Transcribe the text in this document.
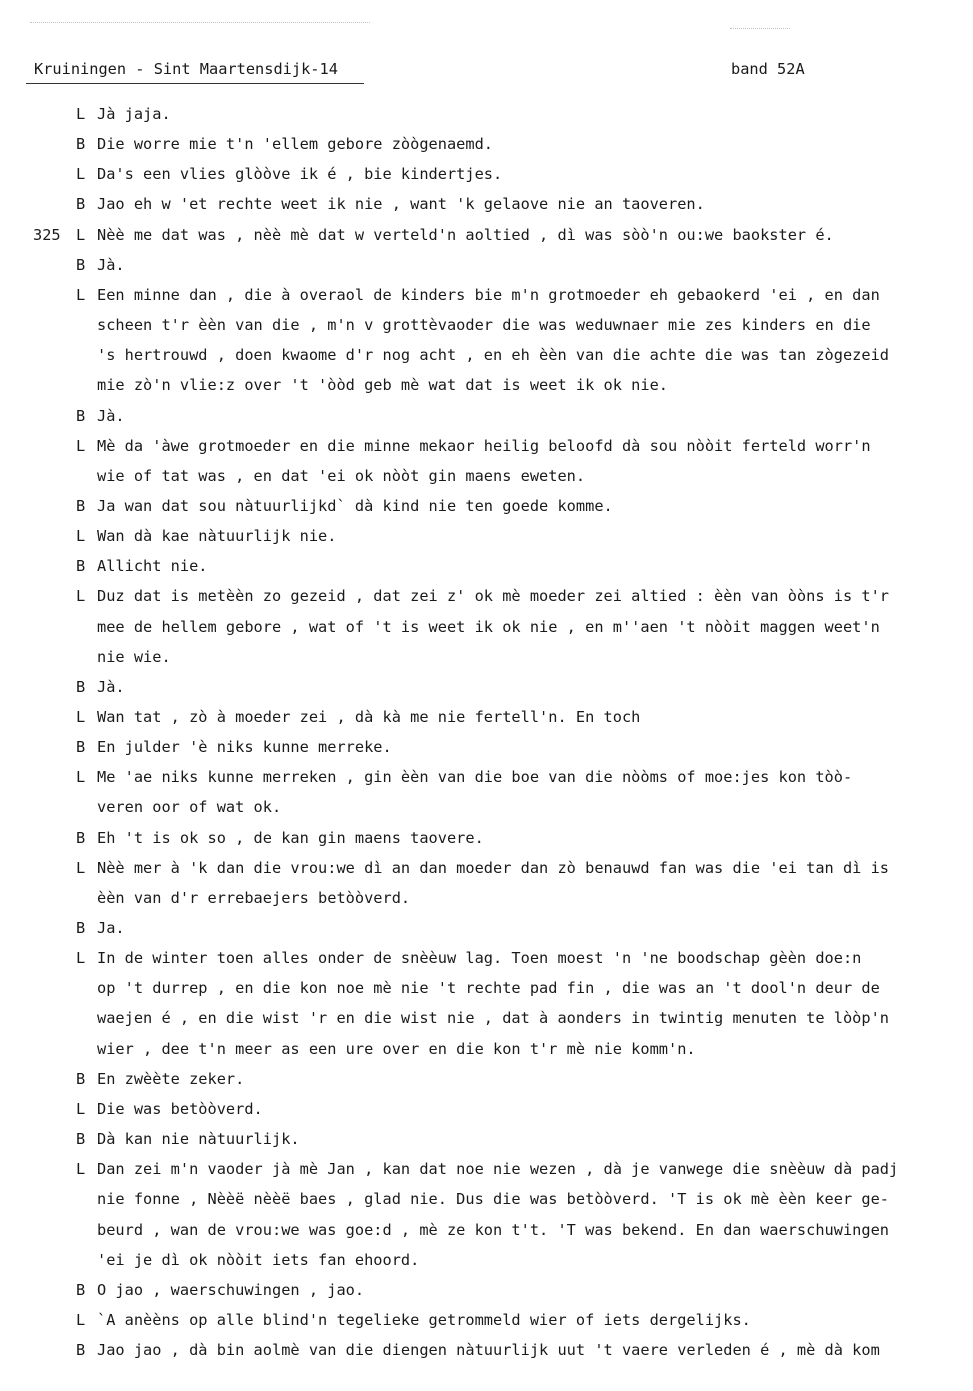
Kruiningen - Sint Maartensdijk-14	band 52A
L Jà jaja.
B Die worre mie t'n 'ellem gebore zòògenaemd.
L Da's een vlies glòòve ik é , bie kindertjes.
B Jao eh w 'et rechte weet ik nie , want 'k gelaove nie an taoveren.
325 L Nèè me dat was , nèè mè dat w verteld'n aoltied , dì was sòò'n ou:we baokster é.
B Jà.
L Een minne dan , die à overaol de kinders bie m'n grotmoeder eh gebaokerd 'ei , en dan
scheen t'r èèn van die , m'n v grottèvaoder die was weduwnaer mie zes kinders en die
's hertrouwd , doen kwaome d'r nog acht , en eh èèn van die achte die was tan zògezeid
mie zò'n vlie:z over 't 'òòd geb mè wat dat is weet ik ok nie.
B Jà.
L Mè da 'àwe grotmoeder en die minne mekaor heilig beloofd dà sou nòòit ferteld worr'n
wie of tat was , en dat 'ei ok nòòt gin maens eweten.
B Ja wan dat sou nàtuurlijkd` dà kind nie ten goede komme.
L Wan dà kae nàtuurlijk nie.
B Allicht nie.
L Duz dat is metèèn zo gezeid , dat zei z' ok mè moeder zei altied : èèn van òòns is t'r
mee de hellem gebore , wat of 't is weet ik ok nie , en m''aen 't nòòit maggen weet'n
nie wie.
B Jà.
L Wan tat , zò à moeder zei , dà kà me nie fertell'n. En toch
B En julder 'è niks kunne merreke.
L Me 'ae niks kunne merreken , gin èèn van die boe van die nòòms of moe:jes kon tòò-
veren oor of wat ok.
B Eh 't is ok so , de kan gin maens taovere.
L Nèè mer à 'k dan die vrou:we dì an dan moeder dan zò benauwd fan was die 'ei tan dì is
èèn van d'r errebaejers betòòverd.
B Ja.
L In de winter toen alles onder de snèèuw lag. Toen moest 'n 'ne boodschap gèèn doe:n
op 't durrep , en die kon noe mè nie 't rechte pad fin , die was an 't dool'n deur de
waejen é , en die wist 'r en die wist nie , dat à aonders in twintig menuten te lòòp'n
wier , dee t'n meer as een ure over en die kon t'r mè nie komm'n.
B En zwèète zeker.
L Die was betòòverd.
B Dà kan nie nàtuurlijk.
L Dan zei m'n vaoder jà mè Jan , kan dat noe nie wezen , dà je vanwege die snèèuw dà padj
nie fonne , Nèèë nèèë baes , glad nie. Dus die was betòòverd. 'T is ok mè èèn keer ge-
beurd , wan de vrou:we was goe:d , mè ze kon t't. 'T was bekend. En dan waerschuwingen
'ei je dì ok nòòit iets fan ehoord.
B O jao , waerschuwingen , jao.
L `A anèèns op alle blind'n tegelieke getrommeld wier of iets dergelijks.
B Jao jao , dà bin aolmè van die diengen nàtuurlijk uut 't vaere verleden é , mè dà kom
